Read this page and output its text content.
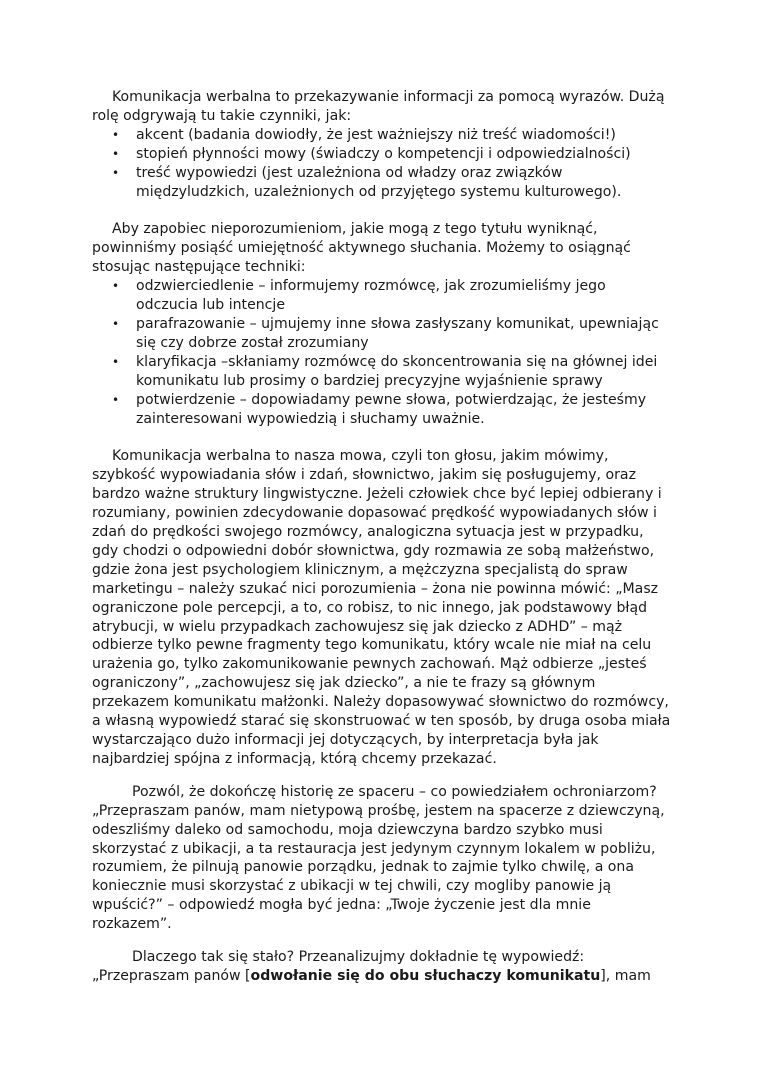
Komunikacja werbalna to przekazywanie informacji za pomocą wyrazów. Dużą rolę odgrywają tu takie czynniki, jak:

• akcent (badania dowiodły, że jest ważniejszy niż treść wiadomości!)
• stopień płynności mowy (świadczy o kompetencji i odpowiedzialności)
• treść wypowiedzi (jest uzależniona od władzy oraz związków międzyludzkich, uzależnionych od przyjętego systemu kulturowego).

Aby zapobiec nieporozumieniom, jakie mogą z tego tytułu wyniknąć, powinniśmy posiąść umiejętność aktywnego słuchania. Możemy to osiągnąć stosując następujące techniki:

• odzwierciedlenie – informujemy rozmówcę, jak zrozumieliśmy jego odczucia lub intencje
• parafrazowanie – ujmujemy inne słowa zasłyszany komunikat, upewniając się czy dobrze został zrozumiany
• klaryfikacja –skłaniamy rozmówcę do skoncentrowania się na głównej idei komunikatu lub prosimy o bardziej precyzyjne wyjaśnienie sprawy
• potwierdzenie – dopowiadamy pewne słowa, potwierdzając, że jesteśmy zainteresowani wypowiedzią i słuchamy uważnie.

Komunikacja werbalna to nasza mowa, czyli ton głosu, jakim mówimy, szybkość wypowiadania słów i zdań, słownictwo, jakim się posługujemy, oraz bardzo ważne struktury lingwistyczne. Jeżeli człowiek chce być lepiej odbierany i rozumiany, powinien zdecydowanie dopasować prędkość wypowiadanych słów i zdań do prędkości swojego rozmówcy, analogiczna sytuacja jest w przypadku, gdy chodzi o odpowiedni dobór słownictwa, gdy rozmawia ze sobą małżeństwo, gdzie żona jest psychologiem klinicznym, a mężczyzna specjalistą do spraw marketingu – należy szukać nici porozumienia – żona nie powinna mówić: „Masz ograniczone pole percepcji, a to, co robisz, to nic innego, jak podstawowy błąd atrybucji, w wielu przypadkach zachowujesz się jak dziecko z ADHD” – mąż odbierze tylko pewne fragmenty tego komunikatu, który wcale nie miał na celu urażenia go, tylko zakomunikowanie pewnych zachowań. Mąż odbierze „jesteś ograniczony”, „zachowujesz się jak dziecko”, a nie te frazy są głównym przekazem komunikatu małżonki. Należy dopasowywać słownictwo do rozmówcy, a własną wypowiedź starać się skonstruować w ten sposób, by druga osoba miała wystarczająco dużo informacji jej dotyczących, by interpretacja była jak najbardziej spójna z informacją, którą chcemy przekazać.

Pozwól, że dokończę historię ze spaceru – co powiedziałem ochroniarzom? „Przepraszam panów, mam nietypową prośbę, jestem na spacerze z dziewczyną, odeszliśmy daleko od samochodu, moja dziewczyna bardzo szybko musi skorzystać z ubikacji, a ta restauracja jest jedynym czynnym lokalem w pobliżu, rozumiem, że pilnują panowie porządku, jednak to zajmie tylko chwilę, a ona koniecznie musi skorzystać z ubikacji w tej chwili, czy mogliby panowie ją wpuścić?” – odpowiedź mogła być jedna: „Twoje życzenie jest dla mnie rozkazem”.

Dlaczego tak się stało? Przeanalizujmy dokładnie tę wypowiedź: „Przepraszam panów [odwołanie się do obu słuchaczy komunikatu], mam
